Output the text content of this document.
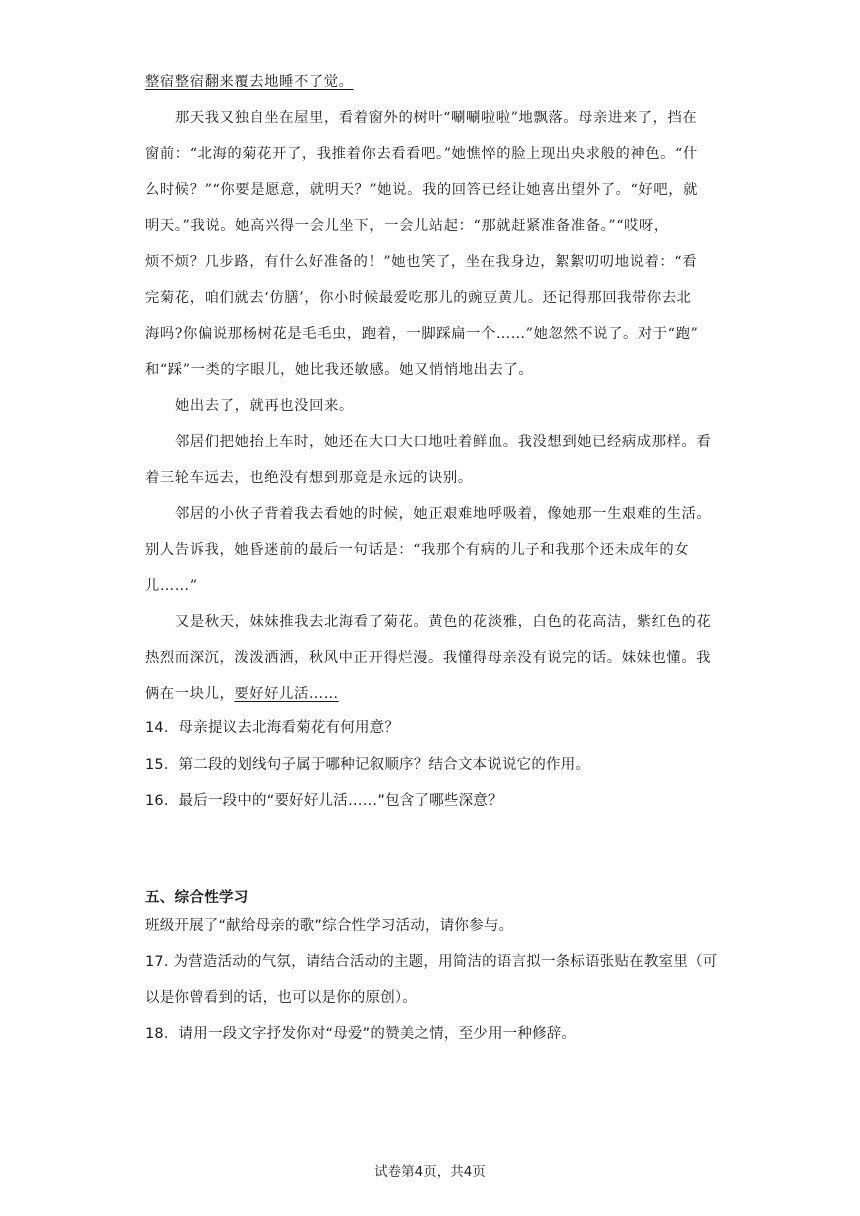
整宿整宿翻来覆去地睡不了觉。
那天我又独自坐在屋里，看着窗外的树叶“唰唰啦啦”地飘落。母亲进来了，挡在
窗前：“北海的菊花开了，我推着你去看看吧。”她憔悴的脸上现出央求般的神色。“什
么时候？”“你要是愿意，就明天？”她说。我的回答已经让她喜出望外了。“好吧，就
明天。”我说。她高兴得一会儿坐下，一会儿站起：“那就赶紧准备准备。”“哎呀，
烦不烦？几步路，有什么好准备的！”她也笑了，坐在我身边，絮絮叨叨地说着：“看
完菊花，咱们就去‘仿膳’，你小时候最爱吃那儿的豌豆黄儿。还记得那回我带你去北
海吗?你偏说那杨树花是毛毛虫，跑着，一脚踩扁一个……”她忽然不说了。对于“跑”
和“踩”一类的字眼儿，她比我还敏感。她又悄悄地出去了。
她出去了，就再也没回来。
邻居们把她抬上车时，她还在大口大口地吐着鲜血。我没想到她已经病成那样。看
着三轮车远去，也绝没有想到那竟是永远的诀别。
邻居的小伙子背着我去看她的时候，她正艰难地呼吸着，像她那一生艰难的生活。
别人告诉我，她昏迷前的最后一句话是：“我那个有病的儿子和我那个还未成年的女
儿……”
又是秋天，妹妹推我去北海看了菊花。黄色的花淡雅，白色的花高洁，紫红色的花
热烈而深沉，泼泼洒洒，秋风中正开得烂漫。我懂得母亲没有说完的话。妹妹也懂。我
俩在一块儿，要好好儿活……
14．母亲提议去北海看菊花有何用意？
15．第二段的划线句子属于哪种记叙顺序？结合文本说说它的作用。
16．最后一段中的“要好好儿活……”包含了哪些深意？
五、综合性学习
班级开展了“献给母亲的歌”综合性学习活动，请你参与。
17. 为营造活动的气氛，请结合活动的主题，用简洁的语言拟一条标语张贴在教室里（可
以是你曾看到的话，也可以是你的原创）。
18．请用一段文字抒发你对“母爱”的赞美之情，至少用一种修辞。
试卷第4页，共4页
